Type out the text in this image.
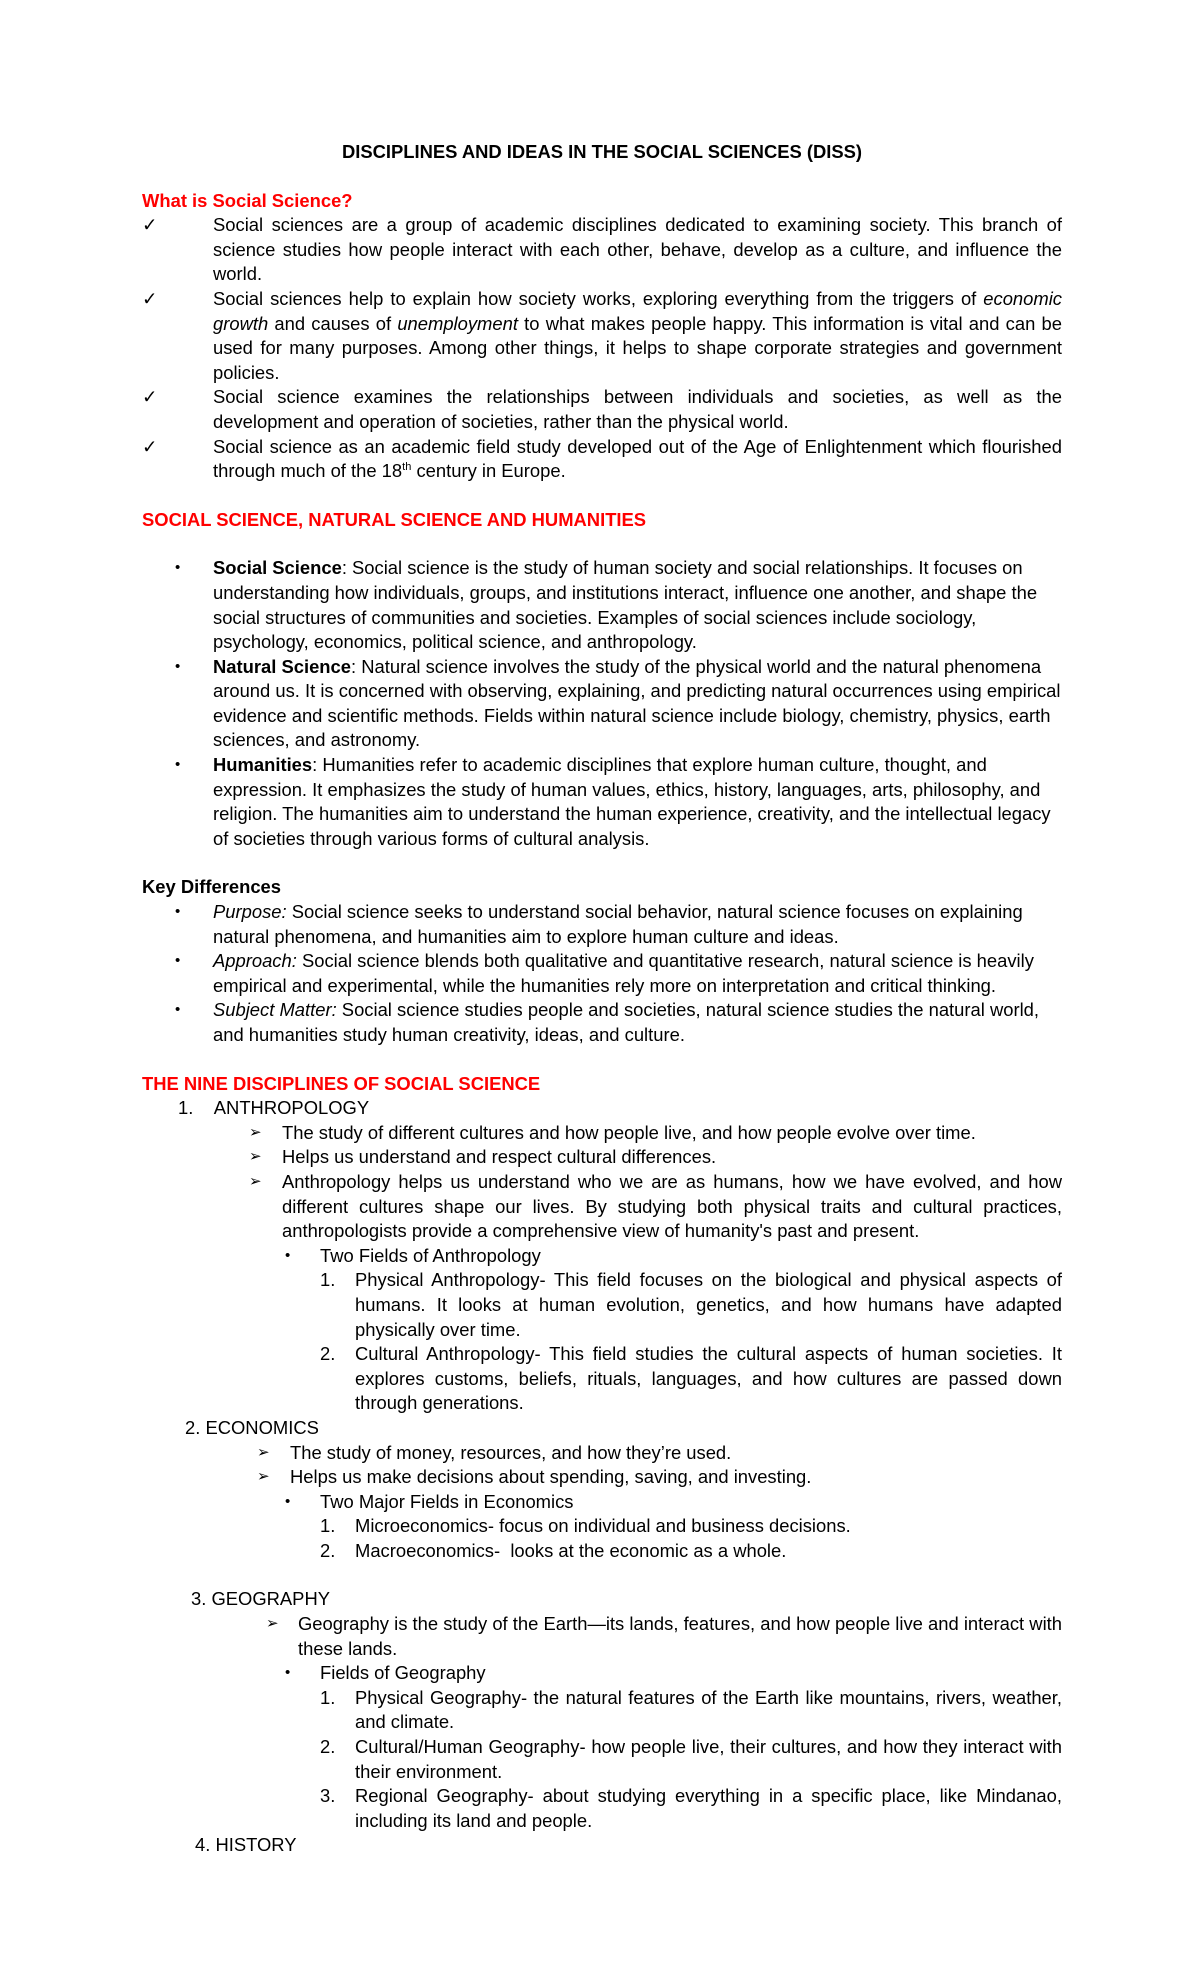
DISCIPLINES AND IDEAS IN THE SOCIAL SCIENCES (DISS)

What is Social Science?

✓	Social sciences are a group of academic disciplines dedicated to examining society. This branch of science studies how people interact with each other, behave, develop as a culture, and influence the world.

✓	Social sciences help to explain how society works, exploring everything from the triggers of economic growth and causes of unemployment to what makes people happy. This information is vital and can be used for many purposes. Among other things, it helps to shape corporate strategies and government policies.

✓	Social science examines the relationships between individuals and societies, as well as the development and operation of societies, rather than the physical world.

✓	Social science as an academic field study developed out of the Age of Enlightenment which flourished through much of the 18th century in Europe.

SOCIAL SCIENCE, NATURAL SCIENCE AND HUMANITIES

• Social Science: Social science is the study of human society and social relationships. It focuses on understanding how individuals, groups, and institutions interact, influence one another, and shape the social structures of communities and societies. Examples of social sciences include sociology, psychology, economics, political science, and anthropology.

• Natural Science: Natural science involves the study of the physical world and the natural phenomena around us. It is concerned with observing, explaining, and predicting natural occurrences using empirical evidence and scientific methods. Fields within natural science include biology, chemistry, physics, earth sciences, and astronomy.

• Humanities: Humanities refer to academic disciplines that explore human culture, thought, and expression. It emphasizes the study of human values, ethics, history, languages, arts, philosophy, and religion. The humanities aim to understand the human experience, creativity, and the intellectual legacy of societies through various forms of cultural analysis.

Key Differences

• Purpose: Social science seeks to understand social behavior, natural science focuses on explaining natural phenomena, and humanities aim to explore human culture and ideas.

• Approach: Social science blends both qualitative and quantitative research, natural science is heavily empirical and experimental, while the humanities rely more on interpretation and critical thinking.

• Subject Matter: Social science studies people and societies, natural science studies the natural world, and humanities study human creativity, ideas, and culture.

THE NINE DISCIPLINES OF SOCIAL SCIENCE

1.    ANTHROPOLOGY

➢ The study of different cultures and how people live, and how people evolve over time.

➢ Helps us understand and respect cultural differences.

➢ Anthropology helps us understand who we are as humans, how we have evolved, and how different cultures shape our lives. By studying both physical traits and cultural practices, anthropologists provide a comprehensive view of humanity's past and present.

• Two Fields of Anthropology

1. Physical Anthropology- This field focuses on the biological and physical aspects of humans. It looks at human evolution, genetics, and how humans have adapted physically over time.

2. Cultural Anthropology- This field studies the cultural aspects of human societies. It explores customs, beliefs, rituals, languages, and how cultures are passed down through generations.

2. ECONOMICS

➢ The study of money, resources, and how they’re used.

➢ Helps us make decisions about spending, saving, and investing.

• Two Major Fields in Economics

1. Microeconomics- focus on individual and business decisions.

2. Macroeconomics-  looks at the economic as a whole.

3. GEOGRAPHY

➢ Geography is the study of the Earth—its lands, features, and how people live and interact with these lands.

• Fields of Geography

1. Physical Geography- the natural features of the Earth like mountains, rivers, weather, and climate.

2. Cultural/Human Geography- how people live, their cultures, and how they interact with their environment.

3. Regional Geography- about studying everything in a specific place, like Mindanao, including its land and people.

4. HISTORY
